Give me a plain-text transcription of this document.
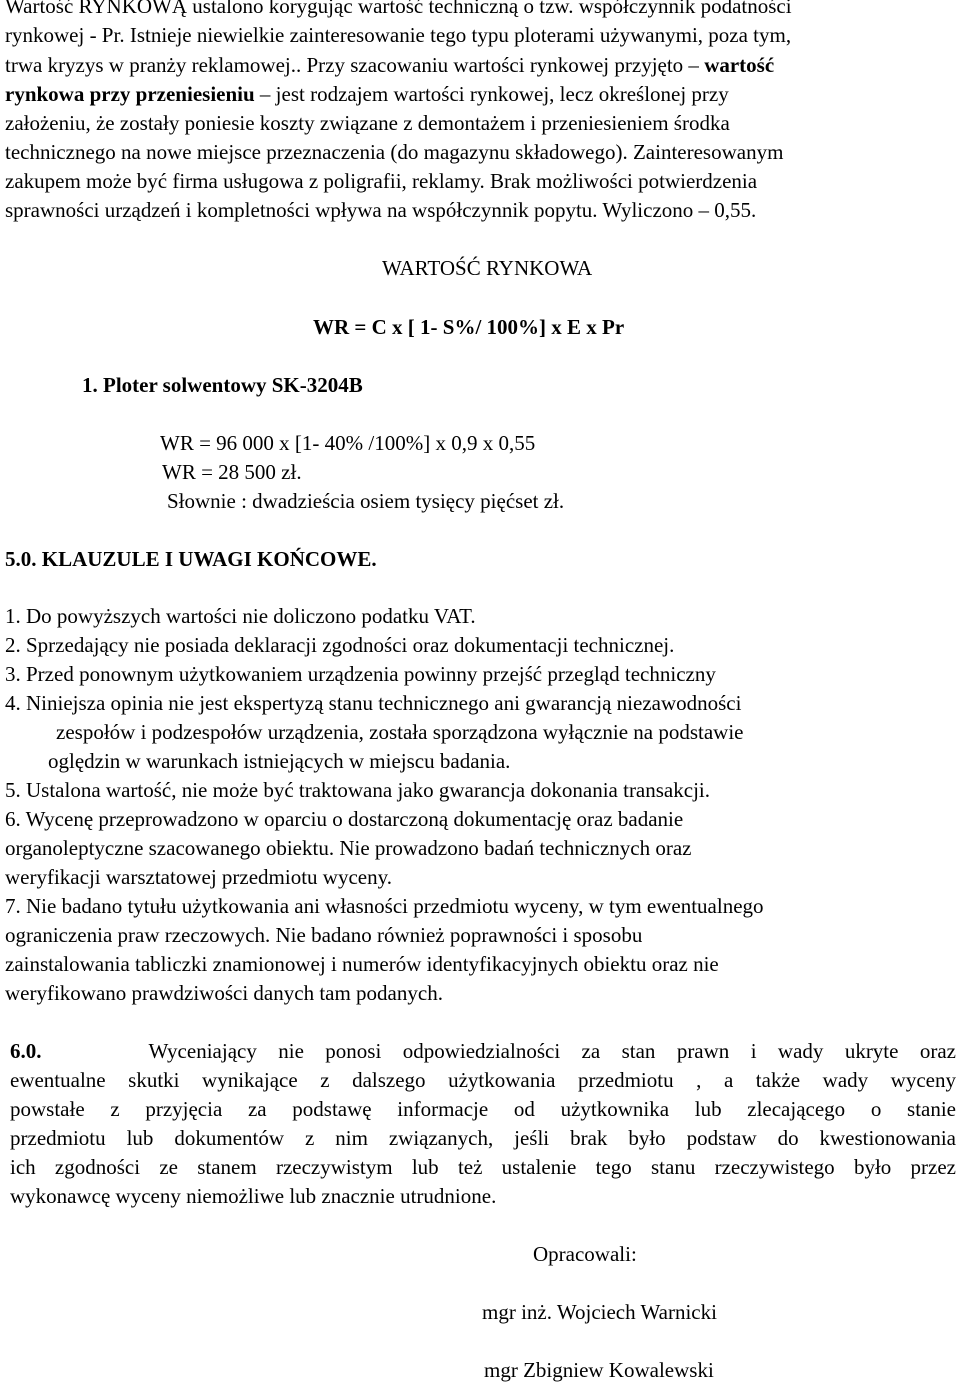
Wartość RYNKOWĄ ustalono korygując wartość techniczną o tzw. współczynnik podatności
rynkowej - Pr. Istnieje niewielkie zainteresowanie tego typu ploterami używanymi, poza tym,
trwa kryzys w pranży reklamowej.. Przy szacowaniu wartości rynkowej przyjęto – wartość
rynkowa przy przeniesieniu – jest rodzajem wartości rynkowej, lecz określonej przy
założeniu, że zostały poniesie koszty związane z demontażem i przeniesieniem środka
technicznego na nowe miejsce przeznaczenia (do magazynu składowego). Zainteresowanym
zakupem może być firma usługowa z poligrafii, reklamy. Brak możliwości potwierdzenia
sprawności urządzeń i kompletności wpływa na współczynnik popytu. Wyliczono – 0,55.
WARTOŚĆ RYNKOWA
WR = C x [ 1- S%/ 100%] x E x Pr
1. Ploter solwentowy SK-3204B
WR = 96 000 x [1- 40% /100%] x 0,9 x 0,55
WR = 28 500 zł.
Słownie : dwadzieścia osiem tysięcy pięćset zł.
5.0. KLAUZULE I UWAGI KOŃCOWE.
1. Do powyższych wartości nie doliczono podatku VAT.
2. Sprzedający nie posiada deklaracji zgodności oraz dokumentacji technicznej.
3. Przed ponownym użytkowaniem urządzenia powinny przejść przegląd techniczny
4. Niniejsza opinia nie jest ekspertyzą stanu technicznego ani gwarancją niezawodności
zespołów i podzespołów urządzenia, została sporządzona wyłącznie na podstawie
oględzin w warunkach istniejących w miejscu badania.
5. Ustalona wartość, nie może być traktowana jako gwarancja dokonania transakcji.
6. Wycenę przeprowadzono w oparciu o dostarczoną dokumentację oraz badanie
organoleptyczne szacowanego obiektu. Nie prowadzono badań technicznych oraz
weryfikacji warsztatowej przedmiotu wyceny.
7. Nie badano tytułu użytkowania ani własności przedmiotu wyceny, w tym ewentualnego
ograniczenia praw rzeczowych. Nie badano również poprawności i sposobu
zainstalowania tabliczki znamionowej i numerów identyfikacyjnych obiektu oraz nie
weryfikowano prawdziwości danych tam podanych.
6.0.	Wyceniający nie ponosi odpowiedzialności za stan prawn i wady ukryte oraz
ewentualne skutki wynikające z dalszego użytkowania przedmiotu , a także wady wyceny
powstałe z przyjęcia za podstawę informacje od użytkownika lub zlecającego o stanie
przedmiotu lub dokumentów z nim związanych, jeśli brak było podstaw do kwestionowania
ich zgodności ze stanem rzeczywistym lub też ustalenie tego stanu rzeczywistego było przez
wykonawcę wyceny niemożliwe lub znacznie utrudnione.
Opracowali:
mgr inż. Wojciech Warnicki
mgr Zbigniew Kowalewski
